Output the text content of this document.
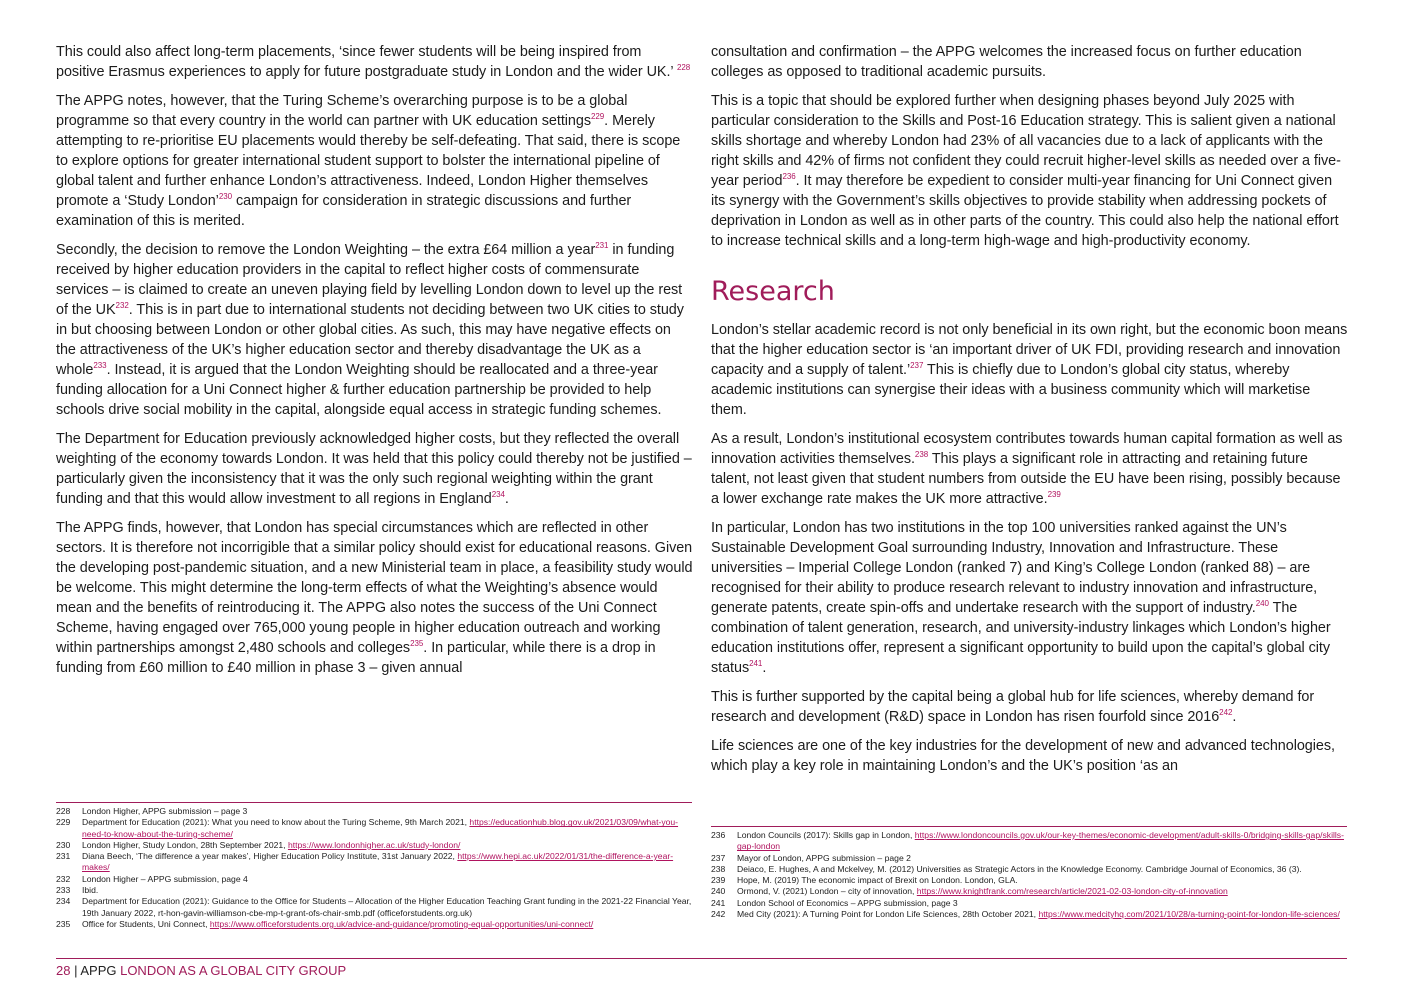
This could also affect long-term placements, ‘since fewer students will be being inspired from positive Erasmus experiences to apply for future postgraduate study in London and the wider UK.’ $^{228}$

The APPG notes, however, that the Turing Scheme’s overarching purpose is to be a global programme so that every country in the world can partner with UK education settings$^{229}$. Merely attempting to re-prioritise EU placements would thereby be self-defeating. That said, there is scope to explore options for greater international student support to bolster the international pipeline of global talent and further enhance London’s attractiveness. Indeed, London Higher themselves promote a ‘Study London’$^{230}$ campaign for consideration in strategic discussions and further examination of this is merited.

Secondly, the decision to remove the London Weighting – the extra £64 million a year$^{231}$ in funding received by higher education providers in the capital to reflect higher costs of commensurate services – is claimed to create an uneven playing field by levelling London down to level up the rest of the UK$^{232}$. This is in part due to international students not deciding between two UK cities to study in but choosing between London or other global cities. As such, this may have negative effects on the attractiveness of the UK’s higher education sector and thereby disadvantage the UK as a whole$^{233}$. Instead, it is argued that the London Weighting should be reallocated and a three-year funding allocation for a Uni Connect higher & further education partnership be provided to help schools drive social mobility in the capital, alongside equal access in strategic funding schemes.

The Department for Education previously acknowledged higher costs, but they reflected the overall weighting of the economy towards London. It was held that this policy could thereby not be justified – particularly given the inconsistency that it was the only such regional weighting within the grant funding and that this would allow investment to all regions in England$^{234}$.

The APPG finds, however, that London has special circumstances which are reflected in other sectors. It is therefore not incorrigible that a similar policy should exist for educational reasons. Given the developing post-pandemic situation, and a new Ministerial team in place, a feasibility study would be welcome. This might determine the long-term effects of what the Weighting’s absence would mean and the benefits of reintroducing it. The APPG also notes the success of the Uni Connect Scheme, having engaged over 765,000 young people in higher education outreach and working within partnerships amongst 2,480 schools and colleges$^{235}$. In particular, while there is a drop in funding from £60 million to £40 million in phase 3 – given annual

consultation and confirmation – the APPG welcomes the increased focus on further education colleges as opposed to traditional academic pursuits.

This is a topic that should be explored further when designing phases beyond July 2025 with particular consideration to the Skills and Post-16 Education strategy. This is salient given a national skills shortage and whereby London had 23% of all vacancies due to a lack of applicants with the right skills and 42% of firms not confident they could recruit higher-level skills as needed over a five-year period$^{236}$. It may therefore be expedient to consider multi-year financing for Uni Connect given its synergy with the Government’s skills objectives to provide stability when addressing pockets of deprivation in London as well as in other parts of the country. This could also help the national effort to increase technical skills and a long-term high-wage and high-productivity economy.

Research

London’s stellar academic record is not only beneficial in its own right, but the economic boon means that the higher education sector is ‘an important driver of UK FDI, providing research and innovation capacity and a supply of talent.’$^{237}$ This is chiefly due to London’s global city status, whereby academic institutions can synergise their ideas with a business community which will marketise them.

As a result, London’s institutional ecosystem contributes towards human capital formation as well as innovation activities themselves.$^{238}$ This plays a significant role in attracting and retaining future talent, not least given that student numbers from outside the EU have been rising, possibly because a lower exchange rate makes the UK more attractive.$^{239}$

In particular, London has two institutions in the top 100 universities ranked against the UN’s Sustainable Development Goal surrounding Industry, Innovation and Infrastructure. These universities – Imperial College London (ranked 7) and King’s College London (ranked 88) – are recognised for their ability to produce research relevant to industry innovation and infrastructure, generate patents, create spin-offs and undertake research with the support of industry.$^{240}$ The combination of talent generation, research, and university-industry linkages which London’s higher education institutions offer, represent a significant opportunity to build upon the capital’s global city status$^{241}$.

This is further supported by the capital being a global hub for life sciences, whereby demand for research and development (R&D) space in London has risen fourfold since 2016$^{242}$.

Life sciences are one of the key industries for the development of new and advanced technologies, which play a key role in maintaining London’s and the UK’s position ‘as an

228	London Higher, APPG submission – page 3
229	Department for Education (2021): What you need to know about the Turing Scheme, 9th March 2021, https://educationhub.blog.gov.uk/2021/03/09/what-you-need-to-know-about-the-turing-scheme/
230	London Higher, Study London, 28th September 2021, https://www.londonhigher.ac.uk/study-london/
231	Diana Beech, ‘The difference a year makes’, Higher Education Policy Institute, 31st January 2022, https://www.hepi.ac.uk/2022/01/31/the-difference-a-year-makes/
232	London Higher – APPG submission, page 4
233	Ibid.
234	Department for Education (2021): Guidance to the Office for Students – Allocation of the Higher Education Teaching Grant funding in the 2021-22 Financial Year, 19th January 2022, rt-hon-gavin-williamson-cbe-mp-t-grant-ofs-chair-smb.pdf (officeforstudents.org.uk)
235	Office for Students, Uni Connect, https://www.officeforstudents.org.uk/advice-and-guidance/promoting-equal-opportunities/uni-connect/
236	London Councils (2017): Skills gap in London, https://www.londoncouncils.gov.uk/our-key-themes/economic-development/adult-skills-0/bridging-skills-gap/skills-gap-london
237	Mayor of London, APPG submission – page 2
238	Deiaco, E. Hughes, A and Mckelvey, M. (2012) Universities as Strategic Actors in the Knowledge Economy. Cambridge Journal of Economics, 36 (3).
239	Hope, M. (2019) The economic impact of Brexit on London. London, GLA.
240	Ormond, V. (2021) London – city of innovation, https://www.knightfrank.com/research/article/2021-02-03-london-city-of-innovation
241	London School of Economics – APPG submission, page 3
242	Med City (2021): A Turning Point for London Life Sciences, 28th October 2021, https://www.medcityhq.com/2021/10/28/a-turning-point-for-london-life-sciences/
28 | APPG LONDON AS A GLOBAL CITY GROUP
